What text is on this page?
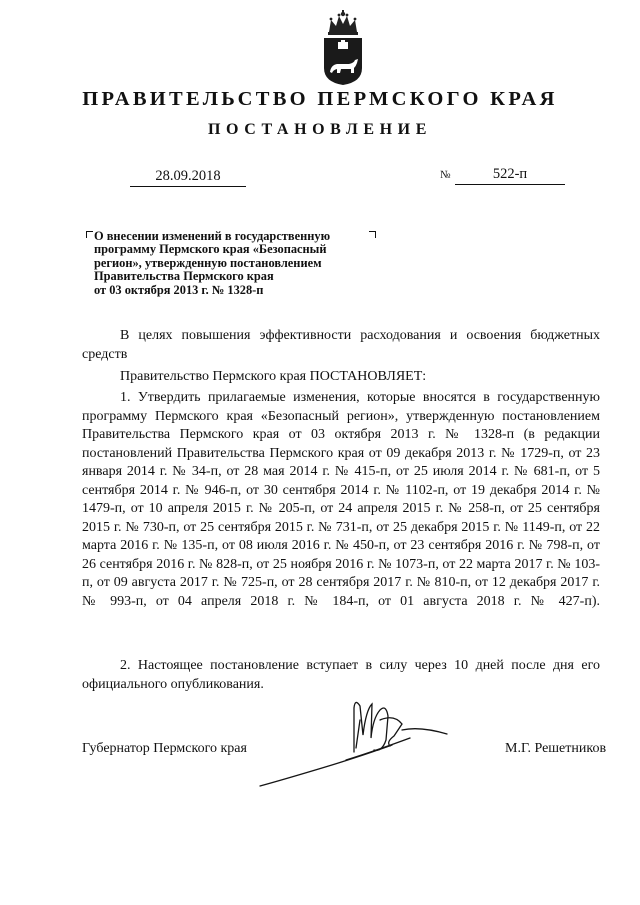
ПРАВИТЕЛЬСТВО ПЕРМСКОГО КРАЯ
ПОСТАНОВЛЕНИЕ
28.09.2018	№	522-п
О внесении изменений в государственную
программу Пермского края «Безопасный
регион», утвержденную постановлением
Правительства Пермского края
от 03 октября 2013 г. № 1328-п
В целях повышения эффективности расходования и освоения бюджетных средств
Правительство Пермского края ПОСТАНОВЛЯЕТ:
1. Утвердить прилагаемые изменения, которые вносятся в государственную программу Пермского края «Безопасный регион», утвержденную постановлением Правительства Пермского края от 03 октября 2013 г. № 1328-п (в редакции постановлений Правительства Пермского края от 09 декабря 2013 г. № 1729-п, от 23 января 2014 г. № 34-п, от 28 мая 2014 г. № 415-п, от 25 июля 2014 г. № 681-п, от 5 сентября 2014 г. № 946-п, от 30 сентября 2014 г. № 1102-п, от 19 декабря 2014 г. № 1479-п, от 10 апреля 2015 г. № 205-п, от 24 апреля 2015 г. № 258-п, от 25 сентября 2015 г. № 730-п, от 25 сентября 2015 г. № 731-п, от 25 декабря 2015 г. № 1149-п, от 22 марта 2016 г. № 135-п, от 08 июля 2016 г. № 450-п, от 23 сентября 2016 г. № 798-п, от 26 сентября 2016 г. № 828-п, от 25 ноября 2016 г. № 1073-п, от 22 марта 2017 г. № 103-п, от 09 августа 2017 г. № 725-п, от 28 сентября 2017 г. № 810-п, от 12 декабря 2017 г. № 993-п, от 04 апреля 2018 г. № 184-п, от 01 августа 2018 г. № 427-п).
2. Настоящее постановление вступает в силу через 10 дней после дня его официального опубликования.
Губернатор Пермского края	М.Г. Решетников
